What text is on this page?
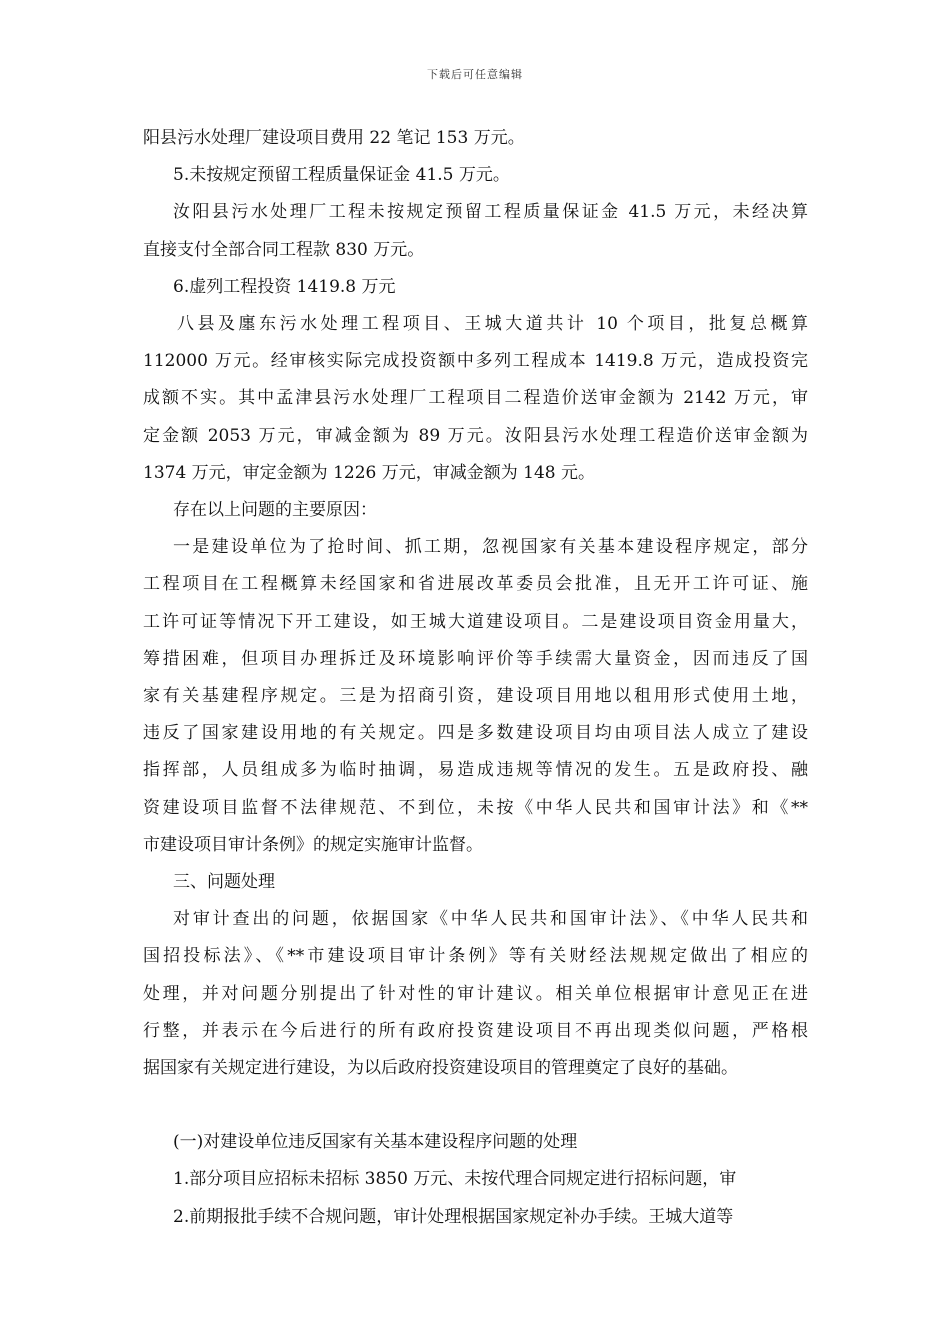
下载后可任意编辑

阳县污水处理厂建设项目费用 22 笔记 153 万元。

5.未按规定预留工程质量保证金 41.5 万元。

汝阳县污水处理厂工程未按规定预留工程质量保证金 41.5 万元，未经决算

直接支付全部合同工程款 830 万元。

6.虚列工程投资 1419.8 万元

八县及廛东污水处理工程项目、王城大道共计 10 个项目，批复总概算

112000 万元。经审核实际完成投资额中多列工程成本 1419.8 万元，造成投资完

成额不实。其中孟津县污水处理厂工程项目二程造价送审金额为 2142 万元，审

定金额 2053 万元，审减金额为 89 万元。汝阳县污水处理工程造价送审金额为

1374 万元，审定金额为 1226 万元，审减金额为 148 元。

存在以上问题的主要原因：

一是建设单位为了抢时间、抓工期，忽视国家有关基本建设程序规定，部分

工程项目在工程概算未经国家和省进展改革委员会批准，且无开工许可证、施

工许可证等情况下开工建设，如王城大道建设项目。二是建设项目资金用量大，

筹措困难，但项目办理拆迁及环境影响评价等手续需大量资金，因而违反了国

家有关基建程序规定。三是为招商引资，建设项目用地以租用形式使用土地，

违反了国家建设用地的有关规定。四是多数建设项目均由项目法人成立了建设

指挥部，人员组成多为临时抽调，易造成违规等情况的发生。五是政府投、融

资建设项目监督不法律规范、不到位，未按《中华人民共和国审计法》和《**

市建设项目审计条例》的规定实施审计监督。

三、问题处理

对审计查出的问题，依据国家《中华人民共和国审计法》、《中华人民共和

国招投标法》、《**市建设项目审计条例》等有关财经法规规定做出了相应的

处理，并对问题分别提出了针对性的审计建议。相关单位根据审计意见正在进

行整，并表示在今后进行的所有政府投资建设项目不再出现类似问题，严格根

据国家有关规定进行建设，为以后政府投资建设项目的管理奠定了良好的基础。

(一)对建设单位违反国家有关基本建设程序问题的处理

1.部分项目应招标未招标 3850 万元、未按代理合同规定进行招标问题，审

2.前期报批手续不合规问题，审计处理根据国家规定补办手续。王城大道等
